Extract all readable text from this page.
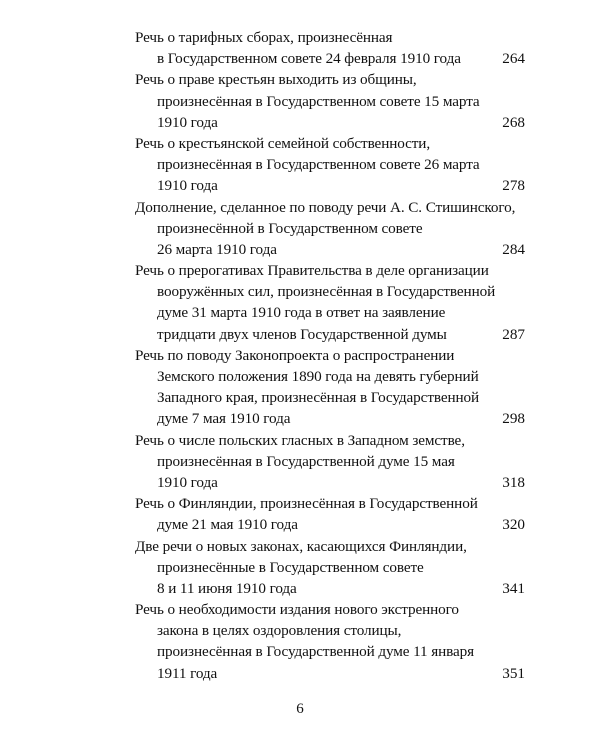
Речь о тарифных сборах, произнесённая
в Государственном совете 24 февраля 1910 года	264
Речь о праве крестьян выходить из общины,
произнесённая в Государственном совете 15 марта
1910 года	268
Речь о крестьянской семейной собственности,
произнесённая в Государственном совете 26 марта
1910 года	278
Дополнение, сделанное по поводу речи А. С. Стишинского,
произнесённой в Государственном совете
26 марта 1910 года	284
Речь о прерогативах Правительства в деле организации
вооружённых сил, произнесённая в Государственной
думе 31 марта 1910 года в ответ на заявление
тридцати двух членов Государственной думы	287
Речь по поводу Законопроекта о распространении
Земского положения 1890 года на девять губерний
Западного края, произнесённая в Государственной
думе 7 мая 1910 года	298
Речь о числе польских гласных в Западном земстве,
произнесённая в Государственной думе 15 мая
1910 года	318
Речь о Финляндии, произнесённая в Государственной
думе 21 мая 1910 года	320
Две речи о новых законах, касающихся Финляндии,
произнесённые в Государственном совете
8 и 11 июня 1910 года	341
Речь о необходимости издания нового экстренного
закона в целях оздоровления столицы,
произнесённая в Государственной думе 11 января
1911 года	351
6
